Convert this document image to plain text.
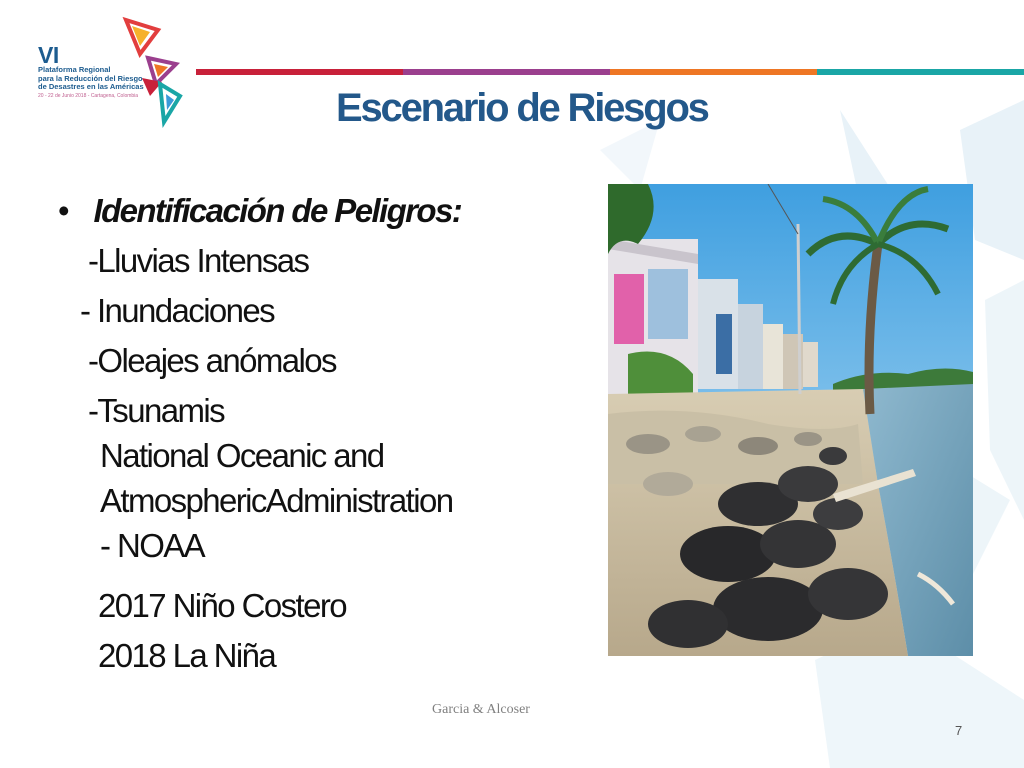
VI
Plataforma Regional
para la Reducción del Riesgo
de Desastres en las Américas
20 - 22 de Junio 2018 - Cartagena, Colombia	Escenario de Riesgos
• Identificación de Peligros:
-Lluvias Intensas
- Inundaciones
-Oleajes anómalos
-Tsunamis
National Oceanic and
AtmosphericAdministration
- NOAA
2017 Niño Costero
2018 La Niña
Garcia & Alcoser
7
